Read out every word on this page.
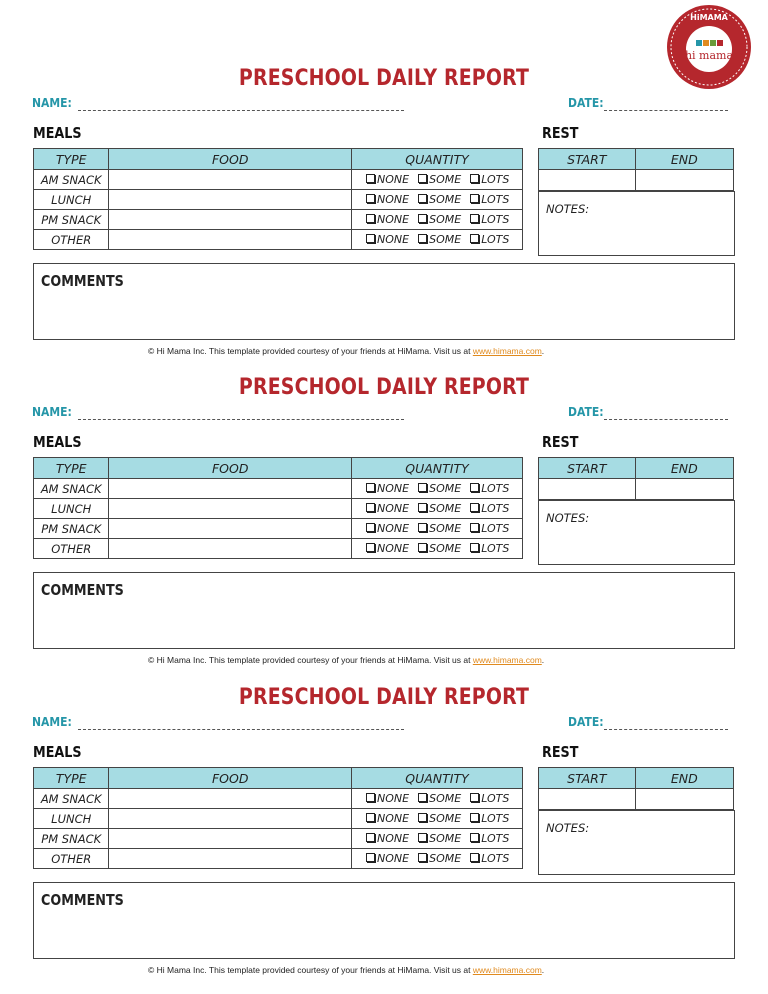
hi mama
HiMAMA
PRESCHOOL DAILY REPORT
NAME:	DATE:
MEALS	REST
TYPE	FOOD	QUANTITY
AM SNACK		NONE SOME LOTS
LUNCH		NONE SOME LOTS
PM SNACK		NONE SOME LOTS
OTHER		NONE SOME LOTS
START	END

NOTES:
COMMENTS
© Hi Mama Inc. This template provided courtesy of your friends at HiMama. Visit us at www.himama.com.
PRESCHOOL DAILY REPORT
NAME:	DATE:
MEALS	REST
TYPE	FOOD	QUANTITY
AM SNACK		NONE SOME LOTS
LUNCH		NONE SOME LOTS
PM SNACK		NONE SOME LOTS
OTHER		NONE SOME LOTS
START	END

NOTES:
COMMENTS
© Hi Mama Inc. This template provided courtesy of your friends at HiMama. Visit us at www.himama.com.
PRESCHOOL DAILY REPORT
NAME:	DATE:
MEALS	REST
TYPE	FOOD	QUANTITY
AM SNACK		NONE SOME LOTS
LUNCH		NONE SOME LOTS
PM SNACK		NONE SOME LOTS
OTHER		NONE SOME LOTS
START	END

NOTES:
COMMENTS
© Hi Mama Inc. This template provided courtesy of your friends at HiMama. Visit us at www.himama.com.
